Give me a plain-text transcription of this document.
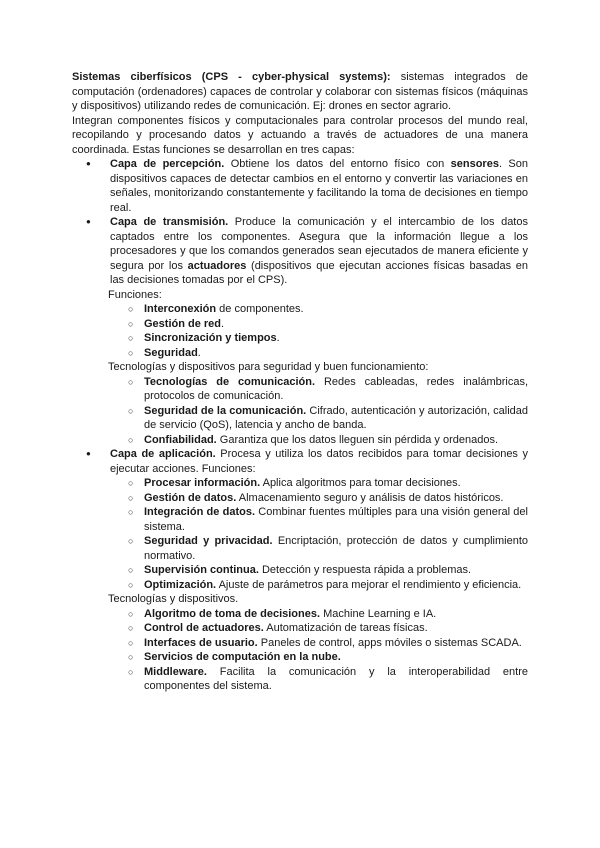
Sistemas ciberfísicos (CPS - cyber-physical systems): sistemas integrados de computación (ordenadores) capaces de controlar y colaborar con sistemas físicos (máquinas y dispositivos) utilizando redes de comunicación. Ej: drones en sector agrario.

Integran componentes físicos y computacionales para controlar procesos del mundo real, recopilando y procesando datos y actuando a través de actuadores de una manera coordinada. Estas funciones se desarrollan en tres capas:

● Capa de percepción. Obtiene los datos del entorno físico con sensores. Son dispositivos capaces de detectar cambios en el entorno y convertir las variaciones en señales, monitorizando constantemente y facilitando la toma de decisiones en tiempo real.

● Capa de transmisión. Produce la comunicación y el intercambio de los datos captados entre los componentes. Asegura que la información llegue a los procesadores y que los comandos generados sean ejecutados de manera eficiente y segura por los actuadores (dispositivos que ejecutan acciones físicas basadas en las decisiones tomadas por el CPS).

Funciones:
○ Interconexión de componentes.
○ Gestión de red.
○ Sincronización y tiempos.
○ Seguridad.
Tecnologías y dispositivos para seguridad y buen funcionamiento:

○ Tecnologías de comunicación. Redes cableadas, redes inalámbricas, protocolos de comunicación.

○ Seguridad de la comunicación. Cifrado, autenticación y autorización, calidad de servicio (QoS), latencia y ancho de banda.

○ Confiabilidad. Garantiza que los datos lleguen sin pérdida y ordenados.

● Capa de aplicación. Procesa y utiliza los datos recibidos para tomar decisiones y ejecutar acciones. Funciones:

○ Procesar información. Aplica algoritmos para tomar decisiones.

○ Gestión de datos. Almacenamiento seguro y análisis de datos históricos.

○ Integración de datos. Combinar fuentes múltiples para una visión general del sistema.

○ Seguridad y privacidad. Encriptación, protección de datos y cumplimiento normativo.

○ Supervisión continua. Detección y respuesta rápida a problemas.

○ Optimización. Ajuste de parámetros para mejorar el rendimiento y eficiencia.

Tecnologías y dispositivos.

○ Algoritmo de toma de decisiones. Machine Learning e IA.

○ Control de actuadores. Automatización de tareas físicas.

○ Interfaces de usuario. Paneles de control, apps móviles o sistemas SCADA.

○ Servicios de computación en la nube.

○ Middleware. Facilita la comunicación y la interoperabilidad entre componentes del sistema.
